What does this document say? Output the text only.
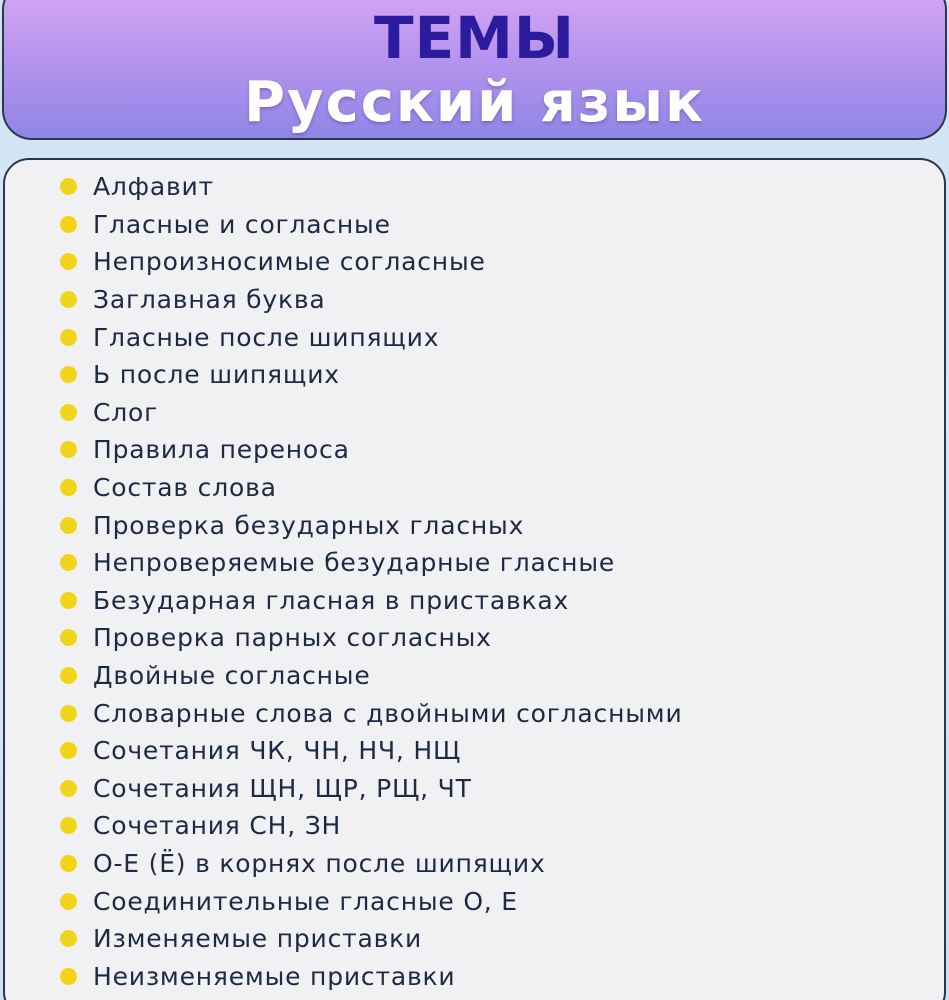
ТЕМЫ
Русский язык
Алфавит
Гласные и согласные
Непроизносимые согласные
Заглавная буква
Гласные после шипящих
Ь после шипящих
Слог
Правила переноса
Состав слова
Проверка безударных гласных
Непроверяемые безударные гласные
Безударная гласная в приставках
Проверка парных согласных
Двойные согласные
Словарные слова с двойными согласными
Сочетания ЧК, ЧН, НЧ, НЩ
Сочетания ЩН, ЩР, РЩ, ЧТ
Сочетания СН, ЗН
О-Е (Ё) в корнях после шипящих
Соединительные гласные О, Е
Изменяемые приставки
Неизменяемые приставки
